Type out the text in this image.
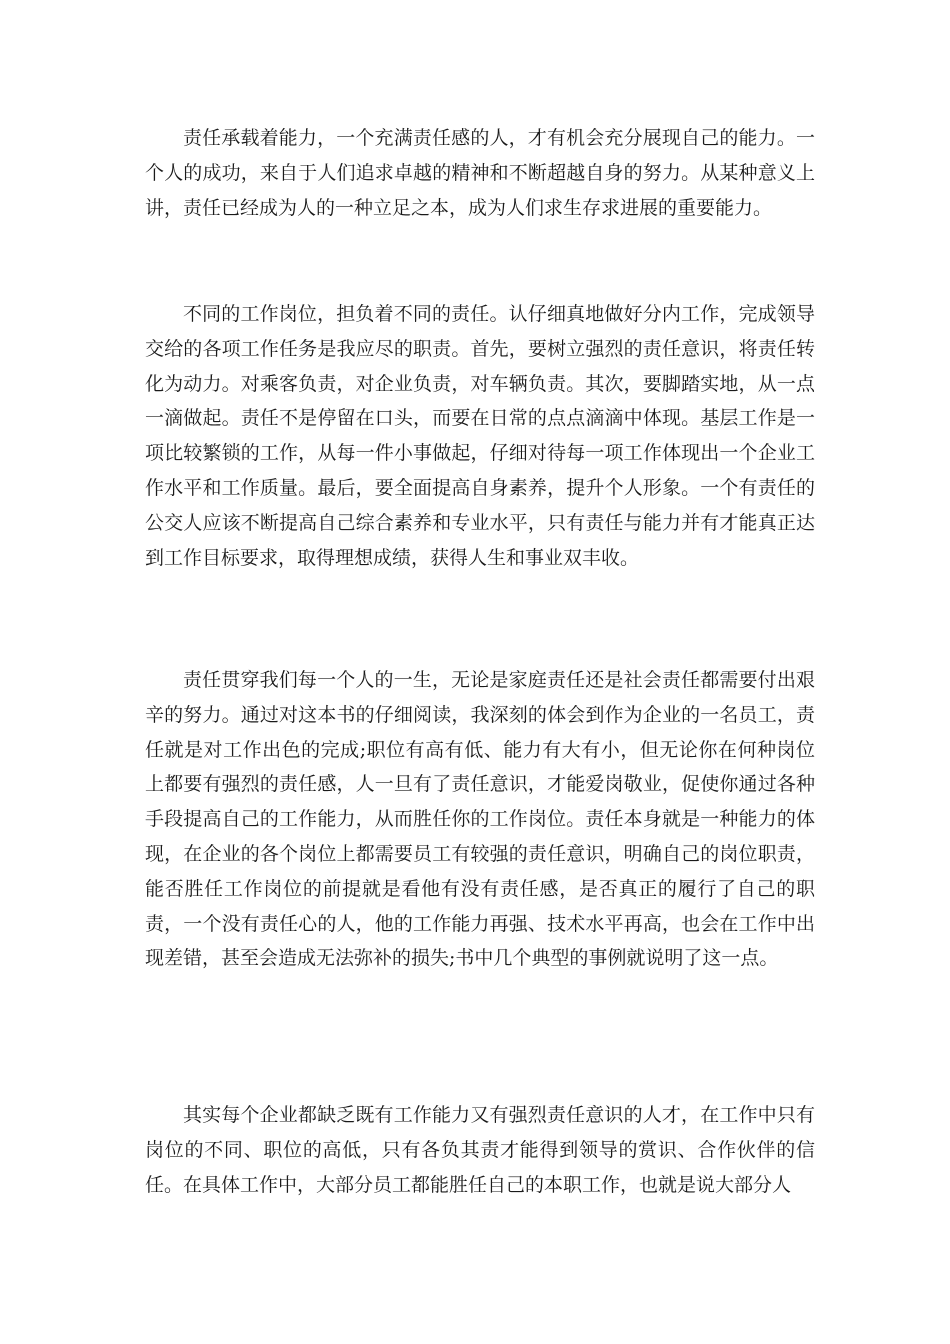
责任承载着能力，一个充满责任感的人，才有机会充分展现自己的能力。一个人的成功，来自于人们追求卓越的精神和不断超越自身的努力。从某种意义上讲，责任已经成为人的一种立足之本，成为人们求生存求进展的重要能力。

不同的工作岗位，担负着不同的责任。认仔细真地做好分内工作，完成领导交给的各项工作任务是我应尽的职责。首先，要树立强烈的责任意识，将责任转化为动力。对乘客负责，对企业负责，对车辆负责。其次，要脚踏实地，从一点一滴做起。责任不是停留在口头，而要在日常的点点滴滴中体现。基层工作是一项比较繁锁的工作，从每一件小事做起，仔细对待每一项工作体现出一个企业工作水平和工作质量。最后，要全面提高自身素养，提升个人形象。一个有责任的公交人应该不断提高自己综合素养和专业水平，只有责任与能力并有才能真正达到工作目标要求，取得理想成绩，获得人生和事业双丰收。

责任贯穿我们每一个人的一生，无论是家庭责任还是社会责任都需要付出艰辛的努力。通过对这本书的仔细阅读，我深刻的体会到作为企业的一名员工，责任就是对工作出色的完成;职位有高有低、能力有大有小，但无论你在何种岗位上都要有强烈的责任感，人一旦有了责任意识，才能爱岗敬业，促使你通过各种手段提高自己的工作能力，从而胜任你的工作岗位。责任本身就是一种能力的体现，在企业的各个岗位上都需要员工有较强的责任意识，明确自己的岗位职责，能否胜任工作岗位的前提就是看他有没有责任感，是否真正的履行了自己的职责，一个没有责任心的人，他的工作能力再强、技术水平再高，也会在工作中出现差错，甚至会造成无法弥补的损失;书中几个典型的事例就说明了这一点。

其实每个企业都缺乏既有工作能力又有强烈责任意识的人才，在工作中只有岗位的不同、职位的高低，只有各负其责才能得到领导的赏识、合作伙伴的信任。在具体工作中，大部分员工都能胜任自己的本职工作，也就是说大部分人
